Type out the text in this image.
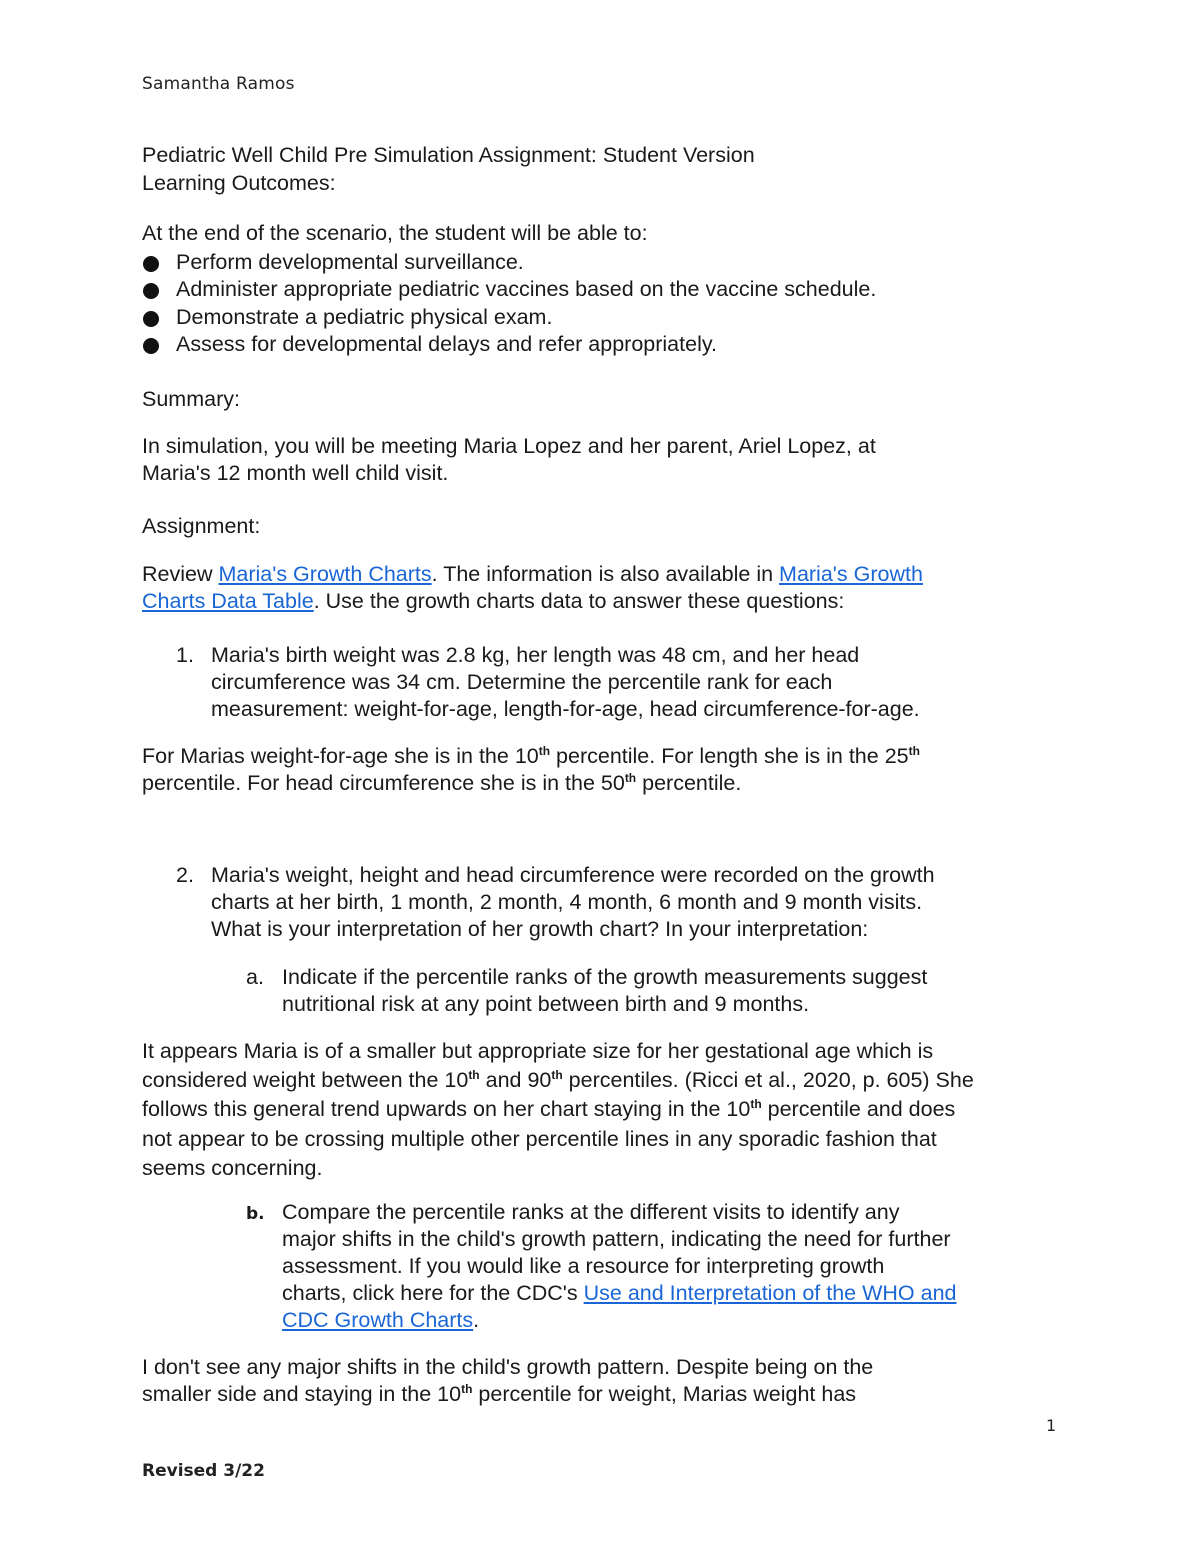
Samantha Ramos
Pediatric Well Child Pre Simulation Assignment: Student Version
Learning Outcomes:
At the end of the scenario, the student will be able to:
Perform developmental surveillance.
Administer appropriate pediatric vaccines based on the vaccine schedule.
Demonstrate a pediatric physical exam.
Assess for developmental delays and refer appropriately.
Summary:
In simulation, you will be meeting Maria Lopez and her parent, Ariel Lopez, at
Maria's 12 month well child visit.
Assignment:
Review Maria's Growth Charts. The information is also available in Maria's Growth
Charts Data Table. Use the growth charts data to answer these questions:
1. Maria's birth weight was 2.8 kg, her length was 48 cm, and her head
circumference was 34 cm. Determine the percentile rank for each
measurement: weight-for-age, length-for-age, head circumference-for-age.
For Marias weight-for-age she is in the 10th percentile. For length she is in the 25th
percentile. For head circumference she is in the 50th percentile.
2. Maria's weight, height and head circumference were recorded on the growth
charts at her birth, 1 month, 2 month, 4 month, 6 month and 9 month visits.
What is your interpretation of her growth chart? In your interpretation:
a. Indicate if the percentile ranks of the growth measurements suggest
nutritional risk at any point between birth and 9 months.
It appears Maria is of a smaller but appropriate size for her gestational age which is
considered weight between the 10th and 90th percentiles. (Ricci et al., 2020, p. 605) She
follows this general trend upwards on her chart staying in the 10th percentile and does
not appear to be crossing multiple other percentile lines in any sporadic fashion that
seems concerning.
b. Compare the percentile ranks at the different visits to identify any
major shifts in the child's growth pattern, indicating the need for further
assessment. If you would like a resource for interpreting growth
charts, click here for the CDC's Use and Interpretation of the WHO and
CDC Growth Charts.
I don't see any major shifts in the child's growth pattern. Despite being on the
smaller side and staying in the 10th percentile for weight, Marias weight has
1
Revised 3/22
